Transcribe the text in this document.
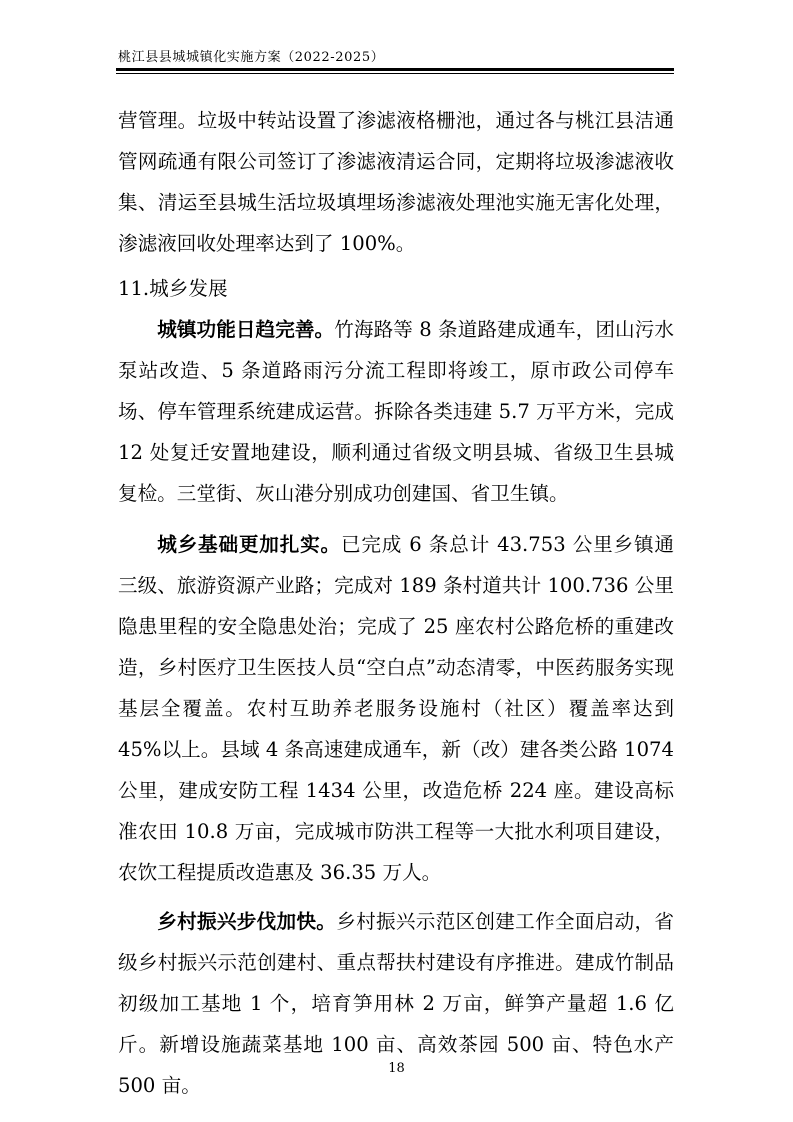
桃江县县城城镇化实施方案（2022-2025）

营管理。垃圾中转站设置了渗滤液格栅池，通过各与桃江县洁通管网疏通有限公司签订了渗滤液清运合同，定期将垃圾渗滤液收集、清运至县城生活垃圾填埋场渗滤液处理池实施无害化处理，渗滤液回收处理率达到了 100%。

11.城乡发展

城镇功能日趋完善。竹海路等 8 条道路建成通车，团山污水泵站改造、5 条道路雨污分流工程即将竣工，原市政公司停车场、停车管理系统建成运营。拆除各类违建 5.7 万平方米，完成 12 处复迁安置地建设，顺利通过省级文明县城、省级卫生县城复检。三堂街、灰山港分别成功创建国、省卫生镇。

城乡基础更加扎实。已完成 6 条总计 43.753 公里乡镇通三级、旅游资源产业路；完成对 189 条村道共计 100.736 公里隐患里程的安全隐患处治；完成了 25 座农村公路危桥的重建改造，乡村医疗卫生医技人员“空白点”动态清零，中医药服务实现基层全覆盖。农村互助养老服务设施村（社区）覆盖率达到 45%以上。县域 4 条高速建成通车，新（改）建各类公路 1074 公里，建成安防工程 1434 公里，改造危桥 224 座。建设高标准农田 10.8 万亩，完成城市防洪工程等一大批水利项目建设，农饮工程提质改造惠及 36.35 万人。

乡村振兴步伐加快。乡村振兴示范区创建工作全面启动，省级乡村振兴示范创建村、重点帮扶村建设有序推进。建成竹制品初级加工基地 1 个，培育笋用林 2 万亩，鲜笋产量超 1.6 亿斤。新增设施蔬菜基地 100 亩、高效茶园 500 亩、特色水产 500 亩。

18
